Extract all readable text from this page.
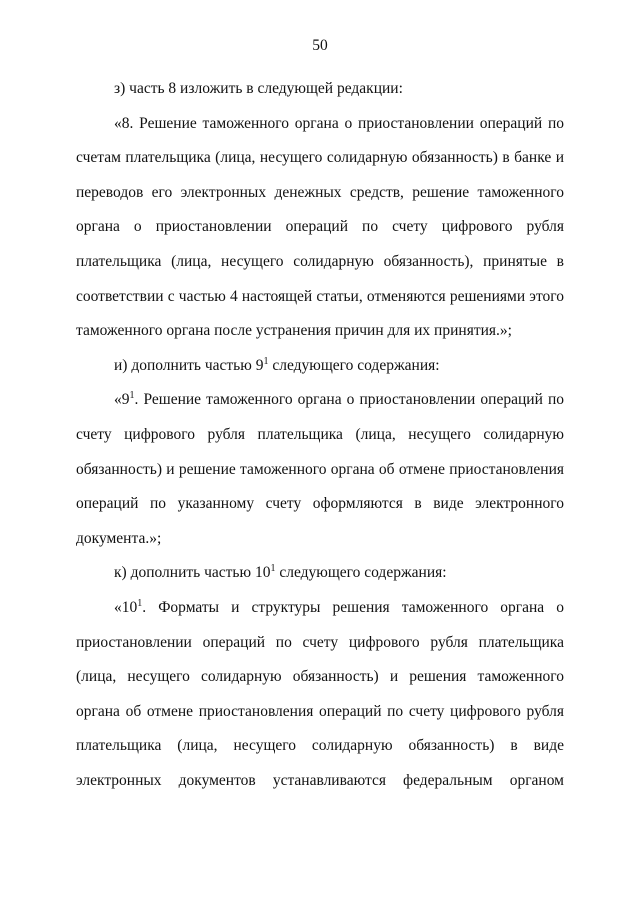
50

з) часть 8 изложить в следующей редакции:

«8. Решение таможенного органа о приостановлении операций по счетам плательщика (лица, несущего солидарную обязанность) в банке и переводов его электронных денежных средств, решение таможенного органа о приостановлении операций по счету цифрового рубля плательщика (лица, несущего солидарную обязанность), принятые в соответствии с частью 4 настоящей статьи, отменяются решениями этого таможенного органа после устранения причин для их принятия.»;

и) дополнить частью $9^1$ следующего содержания:

«$9^1$. Решение таможенного органа о приостановлении операций по счету цифрового рубля плательщика (лица, несущего солидарную обязанность) и решение таможенного органа об отмене приостановления операций по указанному счету оформляются в виде электронного документа.»;

к) дополнить частью $10^1$ следующего содержания:

«$10^1$. Форматы и структуры решения таможенного органа о приостановлении операций по счету цифрового рубля плательщика (лица, несущего солидарную обязанность) и решения таможенного органа об отмене приостановления операций по счету цифрового рубля плательщика (лица, несущего солидарную обязанность) в виде электронных документов устанавливаются федеральным органом
